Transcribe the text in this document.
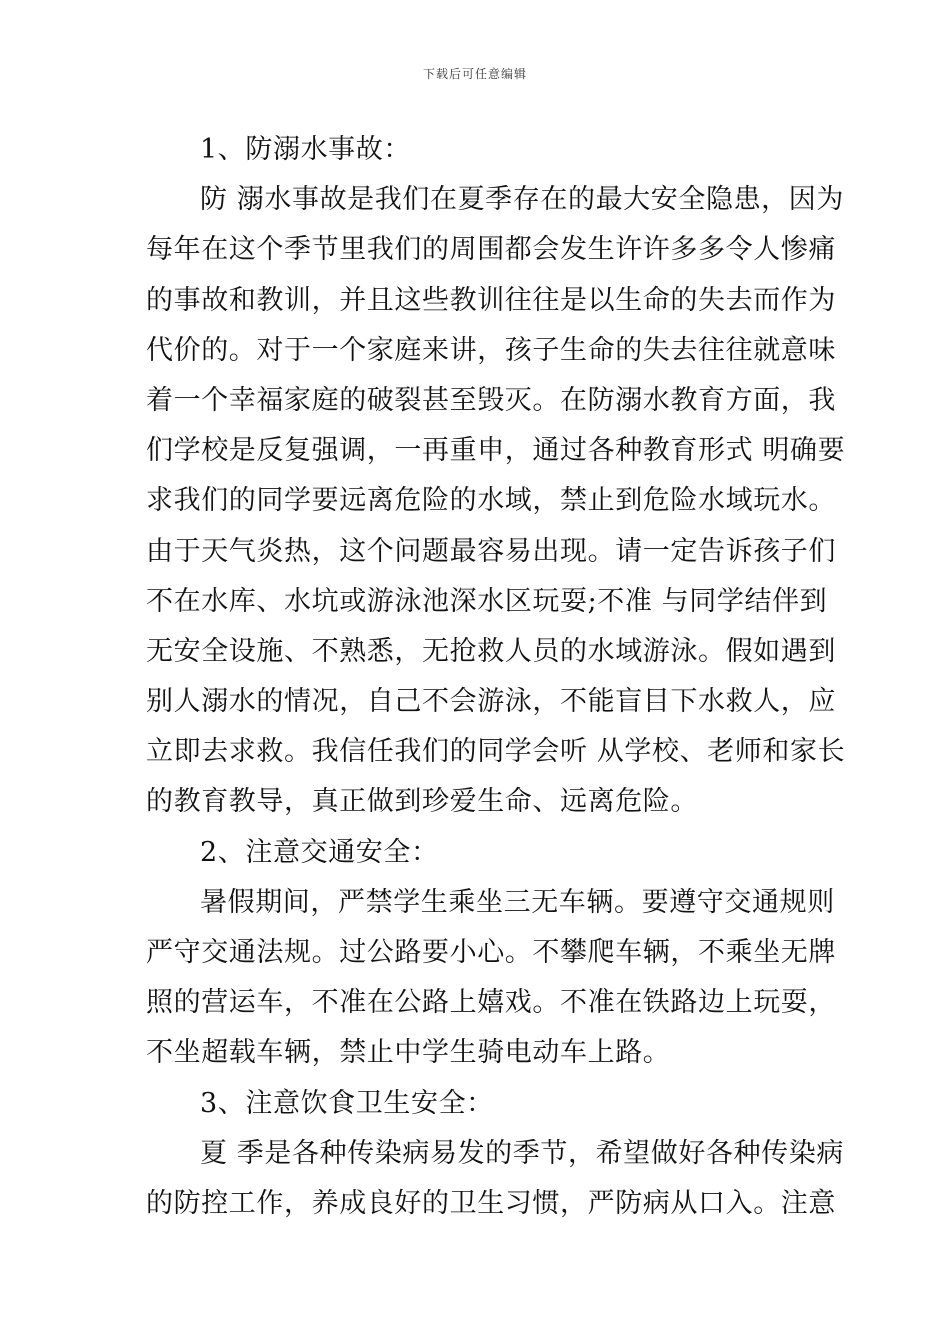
下载后可任意编辑
1、防溺水事故：
防 溺水事故是我们在夏季存在的最大安全隐患，因为
每年在这个季节里我们的周围都会发生许许多多令人惨痛
的事故和教训，并且这些教训往往是以生命的失去而作为
代价的。对于一个家庭来讲，孩子生命的失去往往就意味
着一个幸福家庭的破裂甚至毁灭。在防溺水教育方面，我
们学校是反复强调，一再重申，通过各种教育形式 明确要
求我们的同学要远离危险的水域，禁止到危险水域玩水。
由于天气炎热，这个问题最容易出现。请一定告诉孩子们
不在水库、水坑或游泳池深水区玩耍;不准 与同学结伴到
无安全设施、不熟悉，无抢救人员的水域游泳。假如遇到
别人溺水的情况，自己不会游泳，不能盲目下水救人，应
立即去求救。我信任我们的同学会听 从学校、老师和家长
的教育教导，真正做到珍爱生命、远离危险。
2、注意交通安全：
暑假期间，严禁学生乘坐三无车辆。要遵守交通规则
严守交通法规。过公路要小心。不攀爬车辆，不乘坐无牌
照的营运车，不准在公路上嬉戏。不准在铁路边上玩耍，
不坐超载车辆，禁止中学生骑电动车上路。
3、注意饮食卫生安全：
夏 季是各种传染病易发的季节，希望做好各种传染病
的防控工作，养成良好的卫生习惯，严防病从口入。注意
